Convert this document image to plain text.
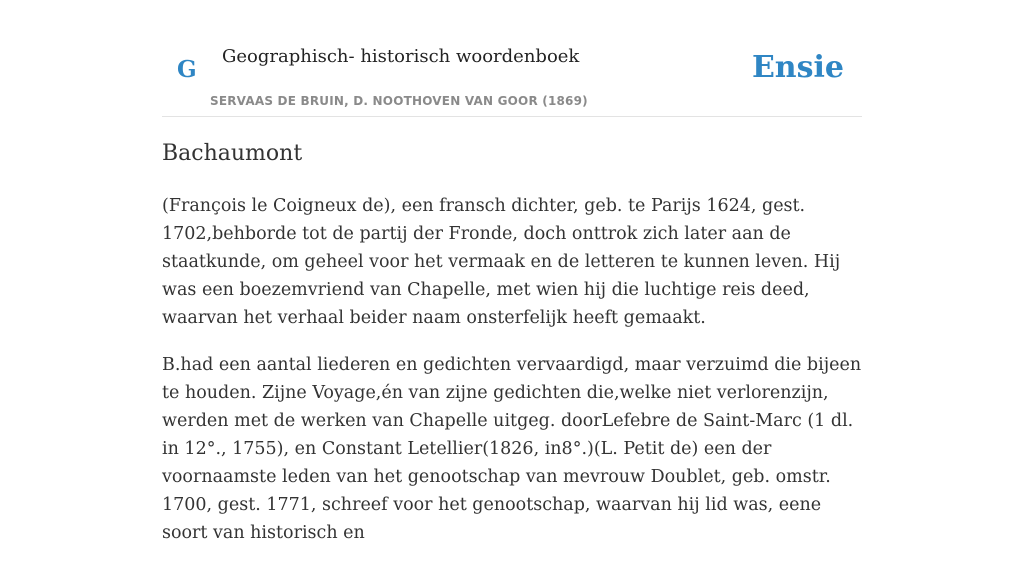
G Geographisch- historisch woordenboek
SERVAAS DE BRUIN, D. NOOTHOVEN VAN GOOR (1869)
Ensie
Bachaumont

(François le Coigneux de), een fransch dichter, geb. te Parijs 1624, gest. 1702,behborde tot de partij der Fronde, doch onttrok zich later aan de staatkunde, om geheel voor het vermaak en de letteren te kunnen leven. Hij was een boezemvriend van Chapelle, met wien hij die luchtige reis deed, waarvan het verhaal beider naam onsterfelijk heeft gemaakt.

B.had een aantal liederen en gedichten vervaardigd, maar verzuimd die bijeen te houden. Zijne Voyage,én van zijne gedichten die,welke niet verlorenzijn, werden met de werken van Chapelle uitgeg. doorLefebre de Saint-Marc (1 dl. in 12°., 1755), en Constant Letellier(1826, in8°.)(L. Petit de) een der voornaamste leden van het genootschap van mevrouw Doublet, geb. omstr. 1700, gest. 1771, schreef voor het genootschap, waarvan hij lid was, eene soort van historisch en
